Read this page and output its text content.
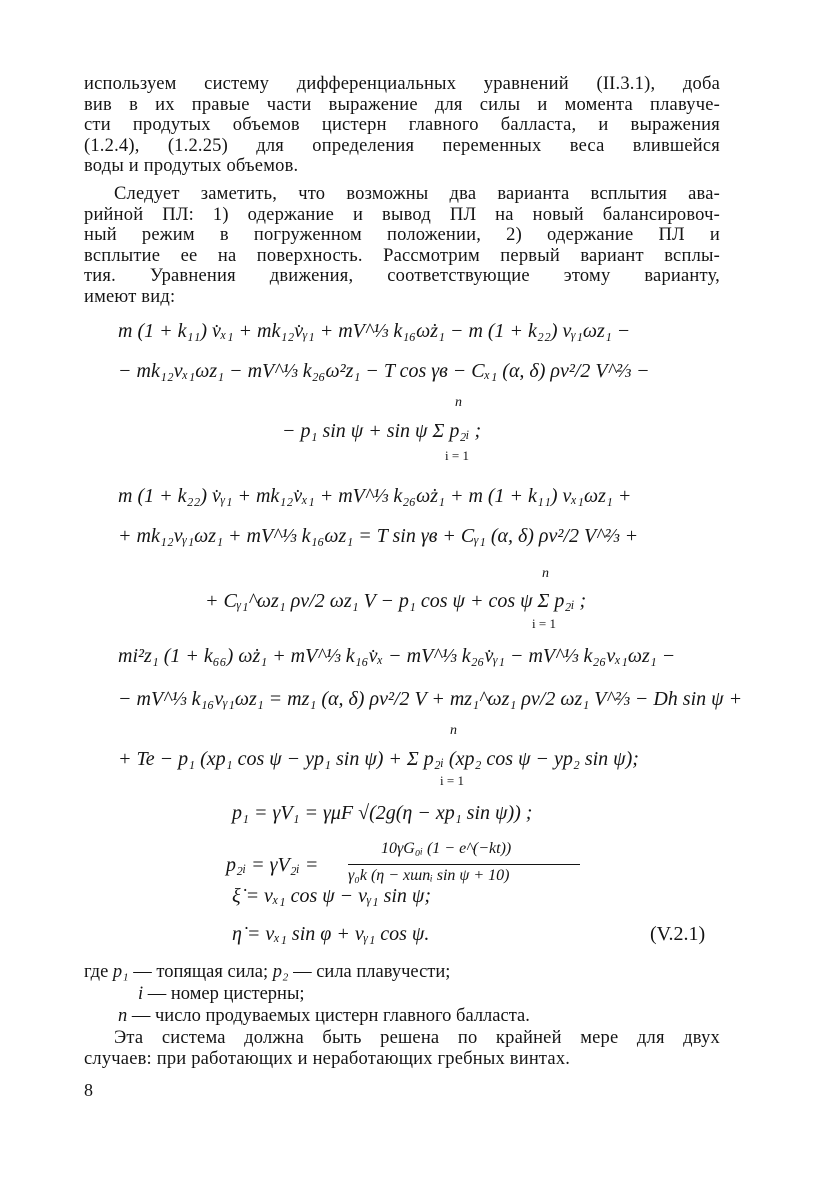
используем систему дифференциальных уравнений (II.3.1), доба
вив в их правые части выражение для силы и момента плавуче-
сти продутых объемов цистерн главного балласта, и выражения
(1.2.4), (1.2.25) для определения переменных веса влившейся
воды и продутых объемов.
Следует заметить, что возможны два варианта всплытия ава-
рийной ПЛ: 1) одержание и вывод ПЛ на новый балансировоч-
ный режим в погруженном положении, 2) одержание ПЛ и
всплытие ее на поверхность. Рассмотрим первый вариант всплы-
тия. Уравнения движения, соответствующие этому варианту,
имеют вид:
m (1 + k₁₁) v̇ₓ₁ + mk₁₂v̇ᵧ₁ + mV^⅓ k₁₆ω̇z₁ − m (1 + k₂₂) vᵧ₁ωz₁ −
− mk₁₂vₓ₁ωz₁ − mV^⅓ k₂₆ω²z₁ − T cos γв − Cₓ₁ (α, δ) ρv²/2 V^⅔ −
− p₁ sin ψ + sin ψ Σ p₂ᵢ ;
n
i = 1
m (1 + k₂₂) v̇ᵧ₁ + mk₁₂v̇ₓ₁ + mV^⅓ k₂₆ω̇z₁ + m (1 + k₁₁) vₓ₁ωz₁ +
+ mk₁₂vᵧ₁ωz₁ + mV^⅓ k₁₆ωz₁ = T sin γв + Cᵧ₁ (α, δ) ρv²/2 V^⅔ +
+ Cᵧ₁^ωz₁ ρv/2 ωz₁ V − p₁ cos ψ + cos ψ Σ p₂ᵢ ;
n
i = 1
mi²z₁ (1 + k₆₆) ω̇z₁ + mV^⅓ k₁₆v̇ₓ − mV^⅓ k₂₆v̇ᵧ₁ − mV^⅓ k₂₆vₓ₁ωz₁ −
− mV^⅓ k₁₆vᵧ₁ωz₁ = mz₁ (α, δ) ρv²/2 V + mz₁^ωz₁ ρv/2 ωz₁ V^⅔ − Dh sin ψ +
+ Te − p₁ (xp₁ cos ψ − yp₁ sin ψ) + Σ p₂ᵢ (xp₂ cos ψ − yp₂ sin ψ);
n
i = 1
p₁ = γV₁ = γμF √(2g(η − xp₁ sin ψ)) ;
p₂ᵢ = γV₂ᵢ =
10γG₀ᵢ (1 − e^(−kt))
γ₀k (η − xшпᵢ sin ψ + 10)
ξ̇ = vₓ₁ cos ψ − vᵧ₁ sin ψ;
η̇ = vₓ₁ sin φ + vᵧ₁ cos ψ.	(V.2.1)
где p₁ — топящая сила; p₂ — сила плавучести;
i — номер цистерны;
n — число продуваемых цистерн главного балласта.
Эта система должна быть решена по крайней мере для двух
случаев: при работающих и неработающих гребных винтах.
8
